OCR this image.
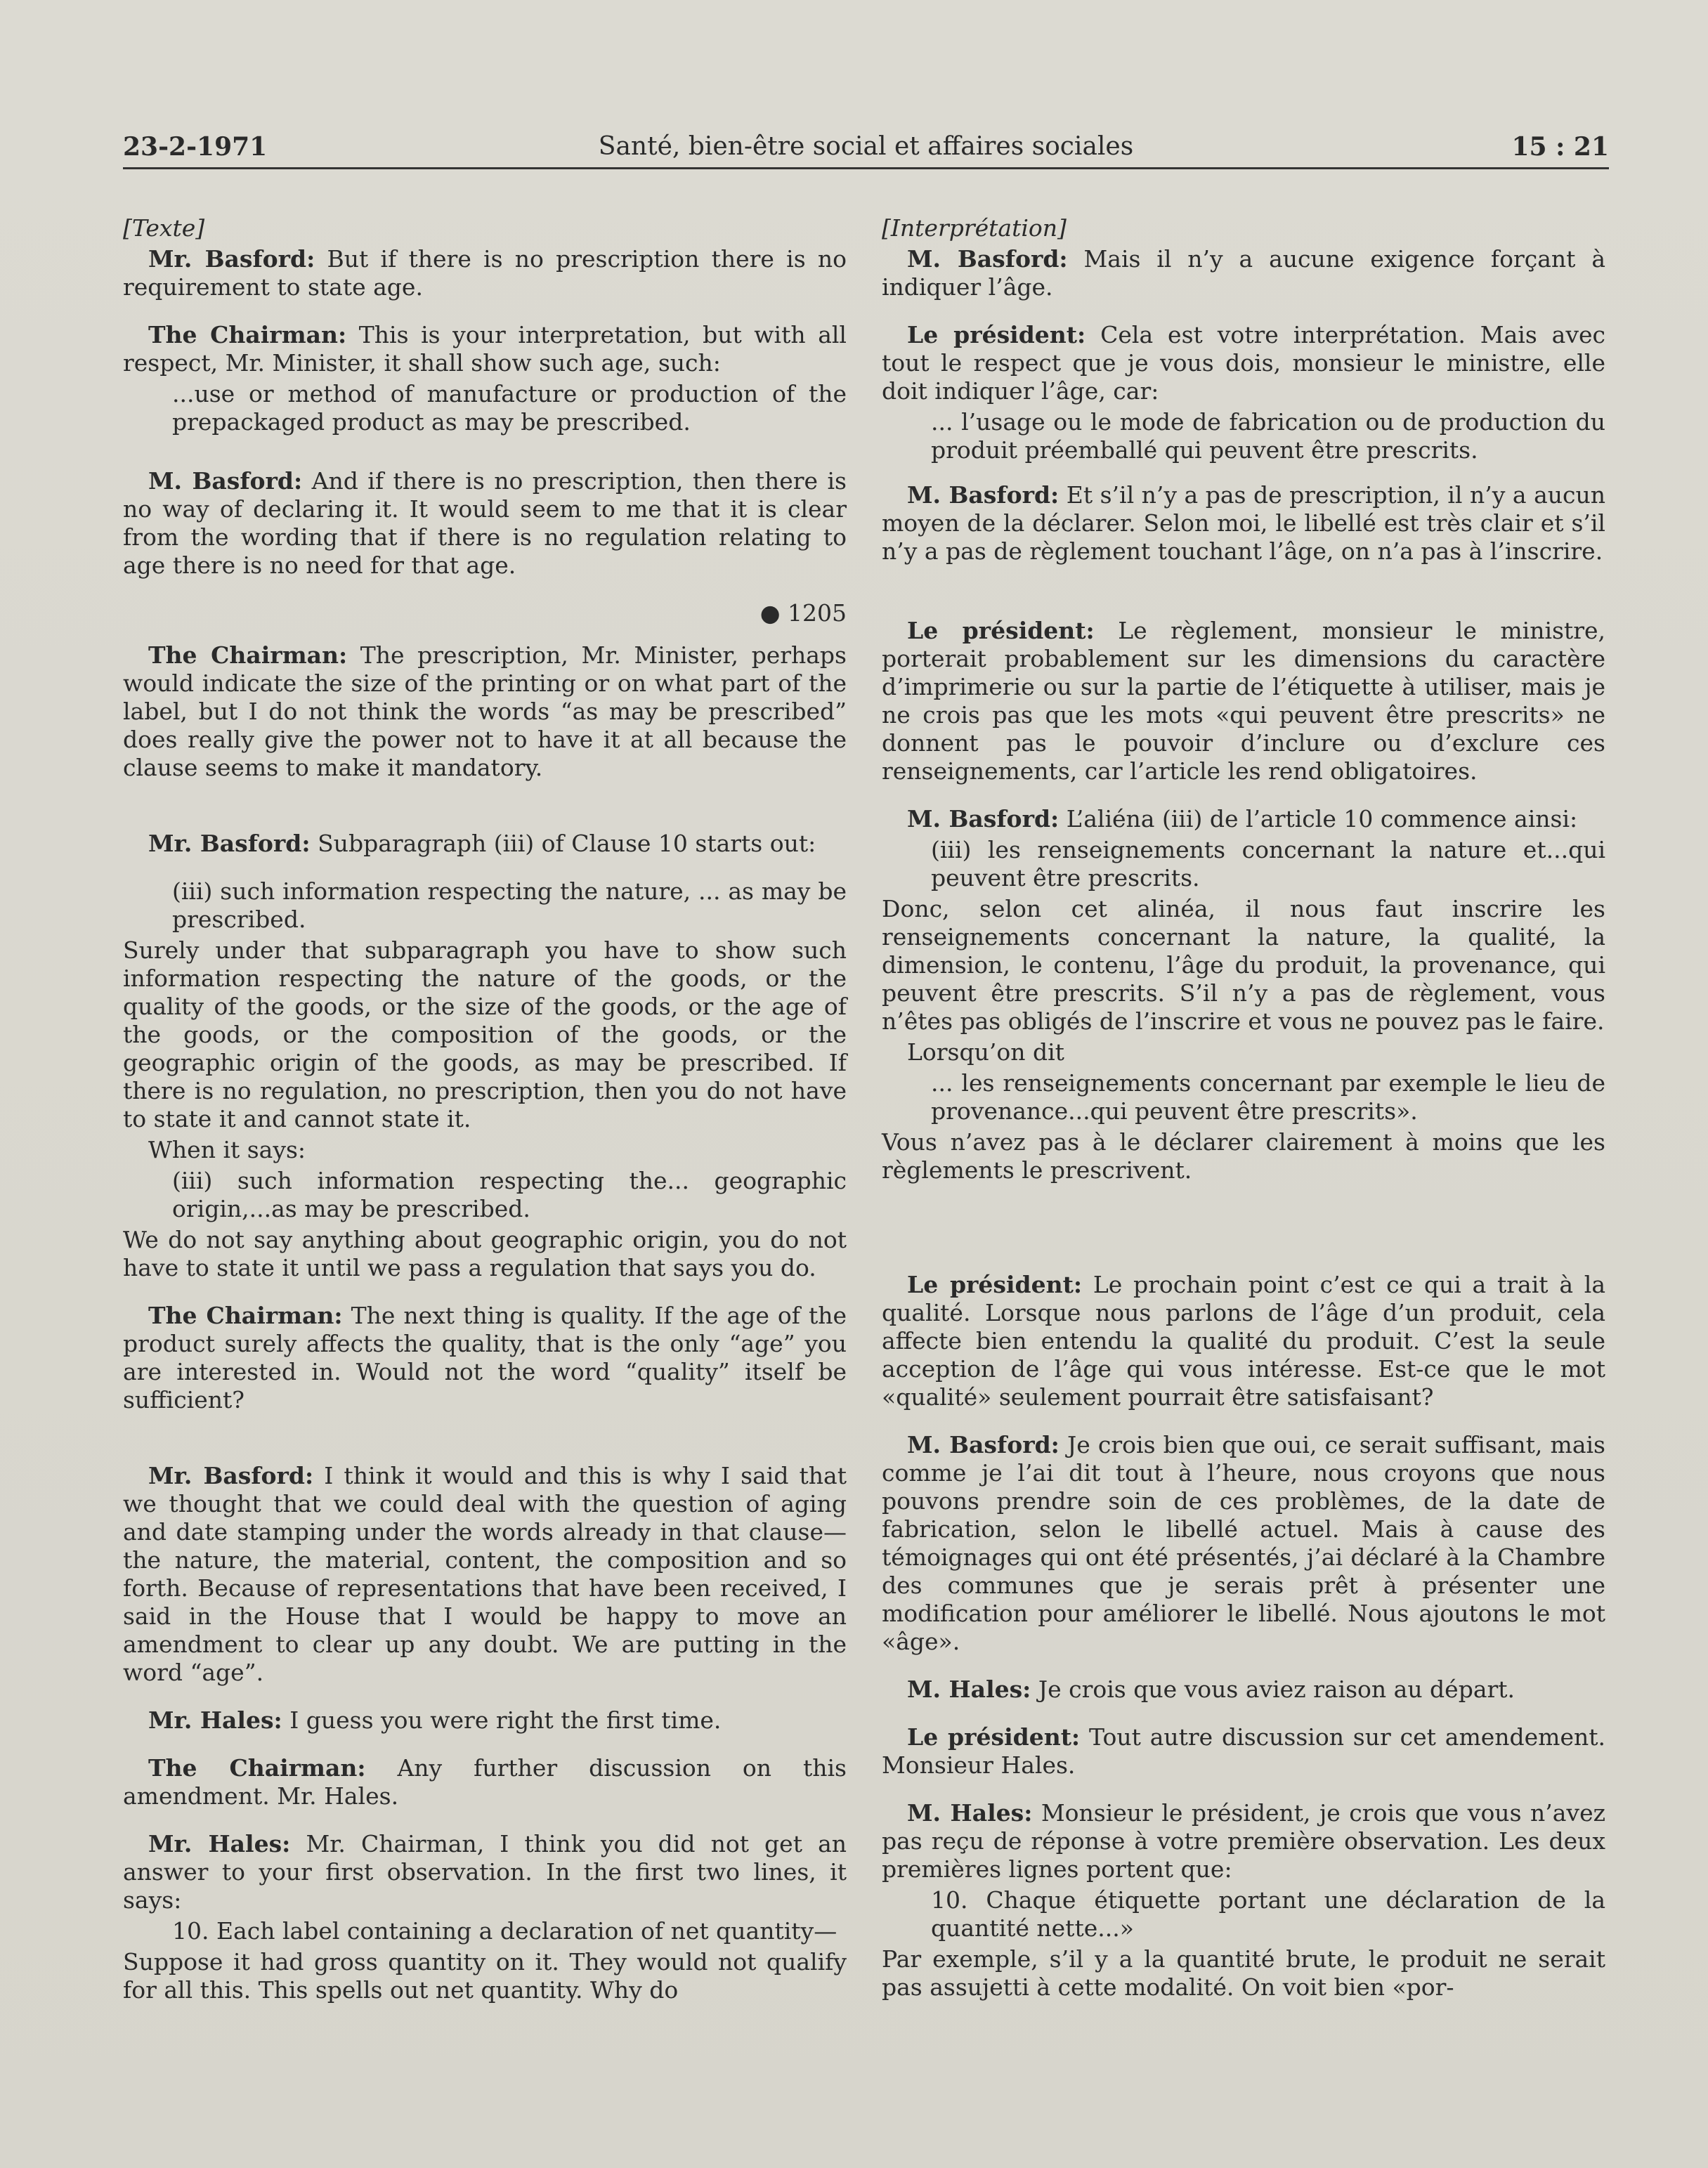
23-2-1971	Santé, bien-être social et affaires sociales	15 : 21

[Texte]

Mr. Basford: But if there is no prescription there is no requirement to state age.

The Chairman: This is your interpretation, but with all respect, Mr. Minister, it shall show such age, such:

...use or method of manufacture or production of the prepackaged product as may be prescribed.

M. Basford: And if there is no prescription, then there is no way of declaring it. It would seem to me that it is clear from the wording that if there is no regulation relating to age there is no need for that age.

● 1205

The Chairman: The prescription, Mr. Minister, perhaps would indicate the size of the printing or on what part of the label, but I do not think the words “as may be prescribed” does really give the power not to have it at all because the clause seems to make it mandatory.

Mr. Basford: Subparagraph (iii) of Clause 10 starts out:

(iii) such information respecting the nature, ... as may be prescribed.

Surely under that subparagraph you have to show such information respecting the nature of the goods, or the quality of the goods, or the size of the goods, or the age of the goods, or the composition of the goods, or the geographic origin of the goods, as may be prescribed. If there is no regulation, no prescription, then you do not have to state it and cannot state it.

When it says:

(iii) such information respecting the... geographic origin,...as may be prescribed.

We do not say anything about geographic origin, you do not have to state it until we pass a regulation that says you do.

The Chairman: The next thing is quality. If the age of the product surely affects the quality, that is the only “age” you are interested in. Would not the word “quality” itself be sufficient?

Mr. Basford: I think it would and this is why I said that we thought that we could deal with the question of aging and date stamping under the words already in that clause—the nature, the material, content, the composition and so forth. Because of representations that have been received, I said in the House that I would be happy to move an amendment to clear up any doubt. We are putting in the word “age”.

Mr. Hales: I guess you were right the first time.

The Chairman: Any further discussion on this amendment. Mr. Hales.

Mr. Hales: Mr. Chairman, I think you did not get an answer to your first observation. In the first two lines, it says:

10. Each label containing a declaration of net quantity—

Suppose it had gross quantity on it. They would not qualify for all this. This spells out net quantity. Why do

[Interprétation]

M. Basford: Mais il n’y a aucune exigence forçant à indiquer l’âge.

Le président: Cela est votre interprétation. Mais avec tout le respect que je vous dois, monsieur le ministre, elle doit indiquer l’âge, car:

... l’usage ou le mode de fabrication ou de production du produit préemballé qui peuvent être prescrits.

M. Basford: Et s’il n’y a pas de prescription, il n’y a aucun moyen de la déclarer. Selon moi, le libellé est très clair et s’il n’y a pas de règlement touchant l’âge, on n’a pas à l’inscrire.

Le président: Le règlement, monsieur le ministre, porterait probablement sur les dimensions du caractère d’imprimerie ou sur la partie de l’étiquette à utiliser, mais je ne crois pas que les mots «qui peuvent être prescrits» ne donnent pas le pouvoir d’inclure ou d’exclure ces renseignements, car l’article les rend obligatoires.

M. Basford: L’aliéna (iii) de l’article 10 commence ainsi:

(iii) les renseignements concernant la nature et...qui peuvent être prescrits.

Donc, selon cet alinéa, il nous faut inscrire les renseignements concernant la nature, la qualité, la dimension, le contenu, l’âge du produit, la provenance, qui peuvent être prescrits. S’il n’y a pas de règlement, vous n’êtes pas obligés de l’inscrire et vous ne pouvez pas le faire.

Lorsqu’on dit

... les renseignements concernant par exemple le lieu de provenance...qui peuvent être prescrits».

Vous n’avez pas à le déclarer clairement à moins que les règlements le prescrivent.

Le président: Le prochain point c’est ce qui a trait à la qualité. Lorsque nous parlons de l’âge d’un produit, cela affecte bien entendu la qualité du produit. C’est la seule acception de l’âge qui vous intéresse. Est-ce que le mot «qualité» seulement pourrait être satisfaisant?

M. Basford: Je crois bien que oui, ce serait suffisant, mais comme je l’ai dit tout à l’heure, nous croyons que nous pouvons prendre soin de ces problèmes, de la date de fabrication, selon le libellé actuel. Mais à cause des témoignages qui ont été présentés, j’ai déclaré à la Chambre des communes que je serais prêt à présenter une modification pour améliorer le libellé. Nous ajoutons le mot «âge».

M. Hales: Je crois que vous aviez raison au départ.

Le président: Tout autre discussion sur cet amendement. Monsieur Hales.

M. Hales: Monsieur le président, je crois que vous n’avez pas reçu de réponse à votre première observation. Les deux premières lignes portent que:

10. Chaque étiquette portant une déclaration de la quantité nette...»

Par exemple, s’il y a la quantité brute, le produit ne serait pas assujetti à cette modalité. On voit bien «por-
